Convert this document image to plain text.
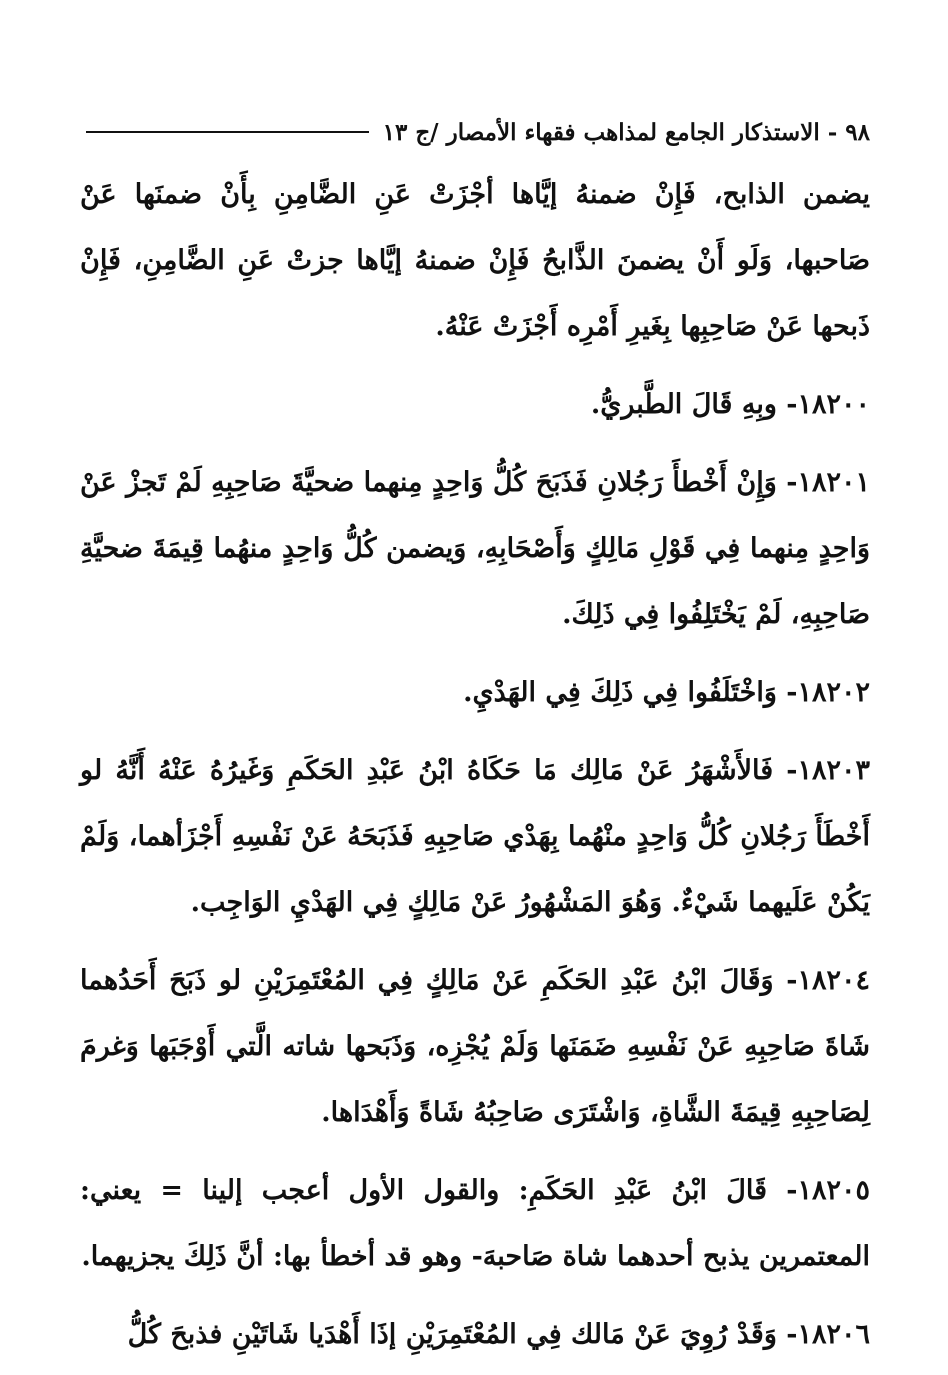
٩٨ - الاستذكار الجامع لمذاهب فقهاء الأمصار /ج ١٣

يضمن الذابح، فَإِنْ ضمنهُ إيَّاها أجْزَتْ عَنِ الضَّامِنِ بِأَنْ ضمنَها عَنْ صَاحبها، وَلَو أَنْ يضمنَ الذَّابحُ فَإِنْ ضمنهُ إيَّاها جزتْ عَنِ الضَّامِنِ، فَإِنْ ذَبحها عَنْ صَاحِبِها بِغَيرِ أَمْرِه أَجْزَتْ عَنْهُ.

١٨٢٠٠- وبِهِ قَالَ الطَّبريُّ.

١٨٢٠١- وَإِنْ أَخْطأَ رَجُلانِ فَذَبَحَ كُلُّ وَاحِدٍ مِنهما ضحيَّةَ صَاحِبِهِ لَمْ تَجزْ عَنْ وَاحِدٍ مِنهما فِي قَوْلِ مَالِكٍ وَأَصْحَابِهِ، وَيضمن كُلُّ وَاحِدٍ منهُما قِيمَةَ ضحيَّةِ صَاحِبِهِ، لَمْ يَخْتَلِفُوا فِي ذَلِكَ.

١٨٢٠٢- وَاخْتَلَفُوا فِي ذَلِكَ فِي الهَدْيِ.

١٨٢٠٣- فَالأَشْهَرُ عَنْ مَالِك مَا حَكَاهُ ابْنُ عَبْدِ الحَكَمِ وَغَيرُهُ عَنْهُ أَنَّهُ لو أَخْطَأَ رَجُلانِ كُلُّ وَاحِدٍ منْهُما بِهَدْي صَاحِبِهِ فَذَبَحَهُ عَنْ نَفْسِهِ أَجْزَأهما، وَلَمْ يَكُنْ عَلَيهما شَيْءٌ. وَهُوَ المَشْهُورُ عَنْ مَالِكٍ فِي الهَدْيِ الوَاجِب.

١٨٢٠٤- وَقَالَ ابْنُ عَبْدِ الحَكَمِ عَنْ مَالِكٍ فِي المُعْتَمِرَيْنِ لو ذَبَحَ أَحَدُهما شَاةَ صَاحِبِهِ عَنْ نَفْسِهِ ضَمَنَها وَلَمْ يُجْزِه، وَذَبَحها شاته الَّتي أَوْجَبَها وَغرمَ لِصَاحِبِهِ قِيمَةَ الشَّاةِ، وَاشْتَرَى صَاحِبُهُ شَاةً وَأَهْدَاها.

١٨٢٠٥- قَالَ ابْنُ عَبْدِ الحَكَمِ: والقول الأول أعجب إلينا = يعني: المعتمرين يذبح أحدهما شاة صَاحبهَ- وهو قد أخطأ بها: أنَّ ذَلِكَ يجزيهما.

١٨٢٠٦- وَقَدْ رُوِيَ عَنْ مَالك فِي المُعْتَمِرَيْنِ إذَا أَهْدَيا شَاتَيْنِ فذبحَ كُلُّ
